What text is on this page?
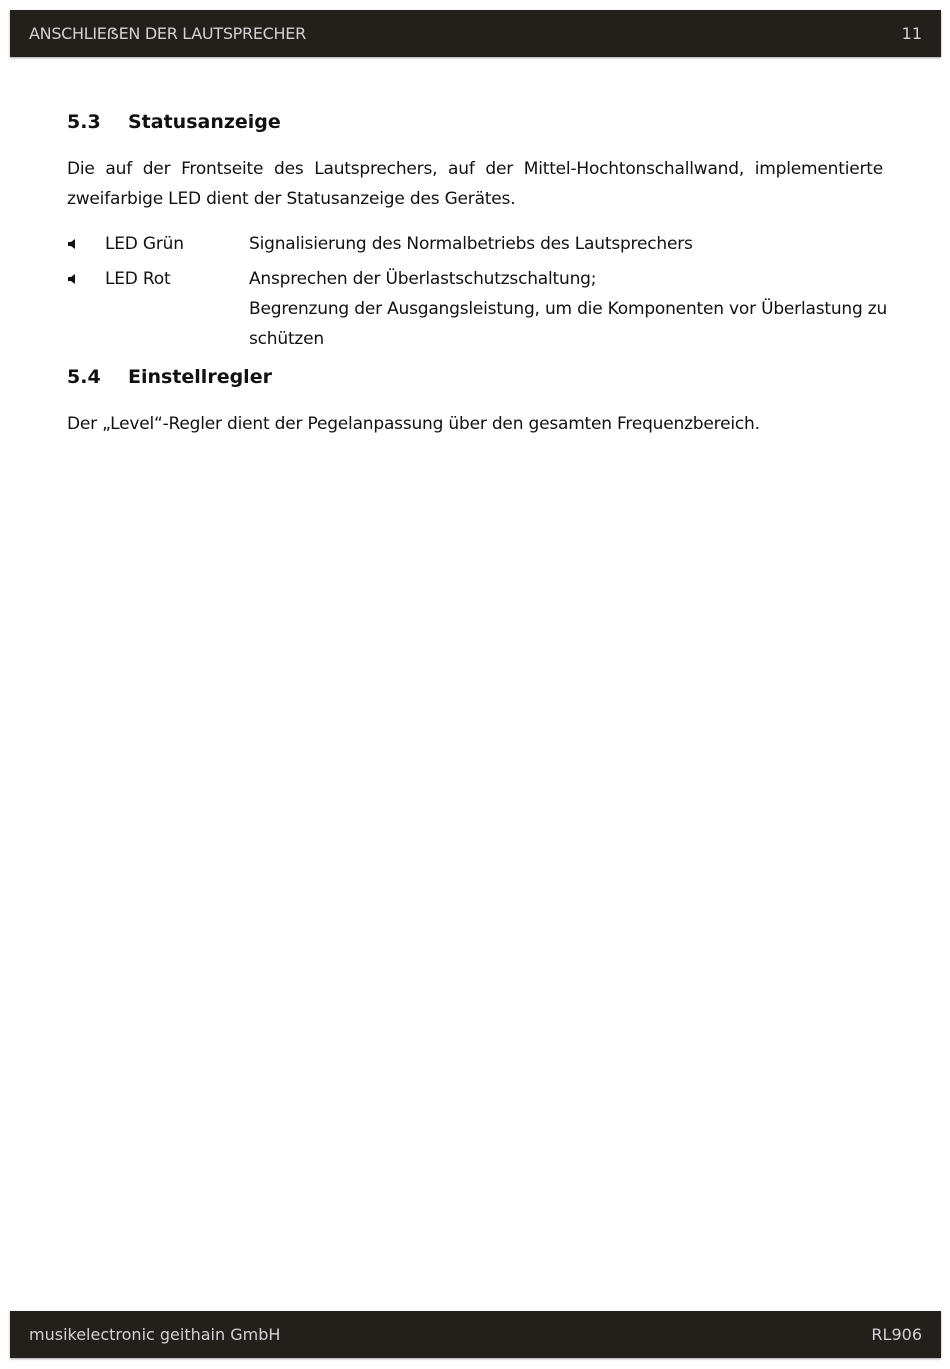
ANSCHLIEẞEN DER LAUTSPRECHER	11
5.3	Statusanzeige
Die auf der Frontseite des Lautsprechers, auf der Mittel-Hochtonschallwand, implementierte zweifarbige LED dient der Statusanzeige des Gerätes.
LED Grün	Signalisierung des Normalbetriebs des Lautsprechers
LED Rot	Ansprechen der Überlastschutzschaltung;
Begrenzung der Ausgangsleistung, um die Komponenten vor Überlastung zu
schützen
5.4	Einstellregler
Der „Level“-Regler dient der Pegelanpassung über den gesamten Frequenzbereich.
musikelectronic geithain GmbH	RL906
